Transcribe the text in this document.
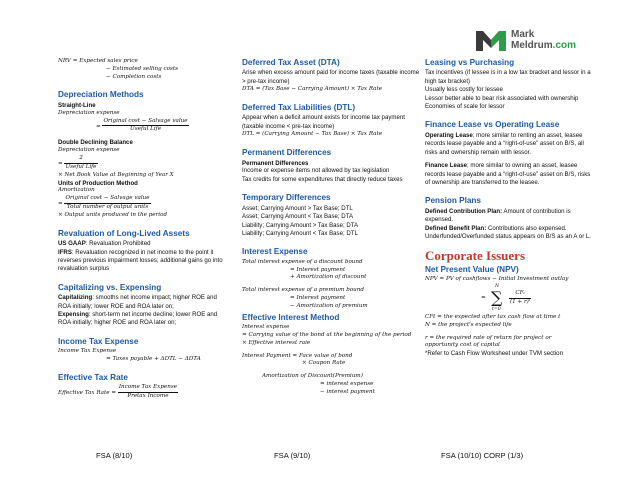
Mark
Meldrum.com
NRV = Expected sales price
− Estimated selling costs
− Completion costs
Depreciation Methods
Straight-Line
Depreciation expense
= $\frac{\text{Original cost − Salvage value}}{\text{Useful Life}}$
Double Declining Balance
Depreciation expense
= $\frac{2}{\text{Useful Life}}$
× Net Book Value at Beginning of Year X
Units of Production Method
Amortization
= $\frac{\text{Original cost − Salvage value}}{\text{Total number of output units}}$
× Output units produced in the period
Revaluation of Long-Lived Assets
US GAAP: Revaluation Prohibited
IFRS: Revaluation recognized in net income to the point it reverses previous impairment losses; additional gains go into revaluation surplus
Capitalizing vs. Expensing
Capitalizing: smooths net income impact; higher ROE and ROA initially; lower ROE and ROA later on;
Expensing: short-term net income decline; lower ROE and ROA initially; higher ROE and ROA later on;
Income Tax Expense
Income Tax Expense
= Taxes payable + ΔDTL − ΔDTA
Effective Tax Rate
Effective Tax Rate = $\frac{\text{Income Tax Expense}}{\text{Pretax Income}}$
Deferred Tax Asset (DTA)
Arise when excess amount paid for income taxes (taxable income > pre-tax income)
DTA = (Tax Base − Carrying Amount) × Tax Rate
Deferred Tax Liabilities (DTL)
Appear when a deficit amount exists for income tax payment (taxable income < pre-tax income)
DTL = (Carrying Amount − Tax Base) × Tax Rate
Permanent Differences
Permanent Differences
Income or expense items not allowed by tax legislation
Tax credits for some expenditures that directly reduce taxes
Temporary Differences
Asset; Carrying Amount > Tax Base; DTL
Asset; Carrying Amount < Tax Base; DTA
Liability; Carrying Amount > Tax Base; DTA
Liability; Carrying Amount < Tax Base; DTL
Interest Expense
Total interest expense of a discount bound
= Interest payment
+ Amortization of discount
Total interest expense of a premium bound
= Interest payment
− Amortization of premium
Effective Interest Method
Interest expense
= Carrying value of the bond at the beginning of the period
× Effective interest raie
Interest Payment = Face value of bond
× Coupon Rate
Amortization of Discount(Premium)
= interest expense
− interest payment
Leasing vs Purchasing
Tax incentives (if lessee is in a low tax bracket and lessor in a high tax bracket)
Usually less costly for lessee
Lessor better able to bear risk associated with ownership
Economies of scale for lessor
Finance Lease vs Operating Lease
Operating Lease; more similar to renting an asset, leasee records lease payable and a “right-of-use” asset on B/S, all risks and ownership remain with lessor.
Finance Lease; more similar to owning an asset, leasee records lease payable and a “right-of-use” asset on B/S, risks of ownership are transferred to the leasee.
Pension Plans
Defined Contribution Plan: Amount of contribution is expensed.
Defined Benefit Plan: Contributions also expensed. Underfunded/Overfunded status appears on B/S as an A or L.
Corporate Issuers
Net Present Value (NPV)
NPV = PV of cashflows − Initial Investment outlay
=
N
∑
t=0
CFₜ
(1 + r)ᵗ
CFt = the expected after tax cash flow at time t
N = the project's expected life
r = the required rate of return for project or
opportunity cost of capital
*Refer to Cash Flow Worksheet under TVM section
FSA (8/10)	FSA (9/10)	FSA (10/10) CORP (1/3)
